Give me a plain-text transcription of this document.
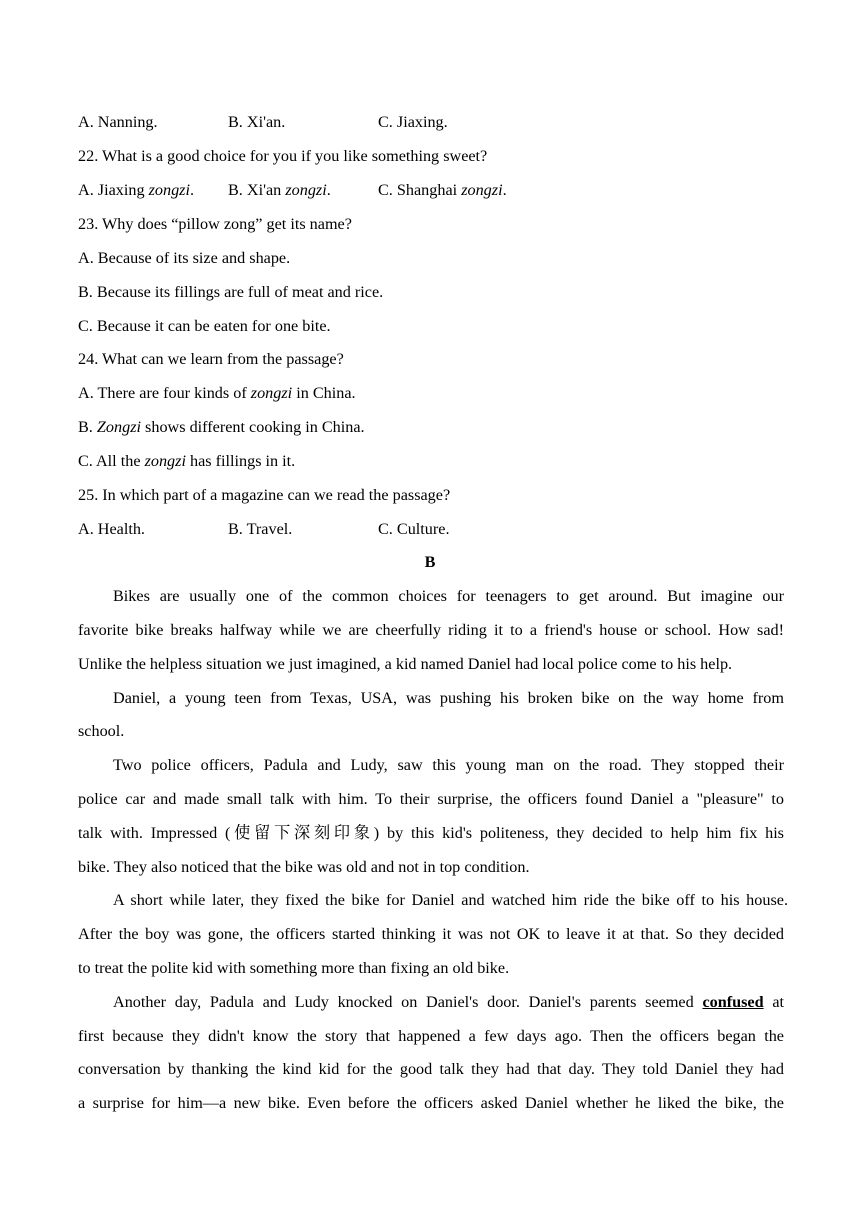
A. Nanning.	B. Xi'an.	C. Jiaxing.
22. What is a good choice for you if you like something sweet?
A. Jiaxing zongzi. B. Xi'an zongzi.	C. Shanghai zongzi.
23. Why does “pillow zong” get its name?
A. Because of its size and shape.
B. Because its fillings are full of meat and rice.
C. Because it can be eaten for one bite.
24. What can we learn from the passage?
A. There are four kinds of zongzi in China.
B. Zongzi shows different cooking in China.
C. All the zongzi has fillings in it.
25. In which part of a magazine can we read the passage?
A. Health.	B. Travel.	C. Culture.
B
Bikes are usually one of the common choices for teenagers to get around. But imagine our
favorite bike breaks halfway while we are cheerfully riding it to a friend's house or school. How sad!
Unlike the helpless situation we just imagined, a kid named Daniel had local police come to his help.
Daniel, a young teen from Texas, USA, was pushing his broken bike on the way home from
school.
Two police officers, Padula and Ludy, saw this young man on the road. They stopped their
police car and made small talk with him. To their surprise, the officers found Daniel a "pleasure" to
talk with. Impressed (使留下深刻印象) by this kid's politeness, they decided to help him fix his
bike. They also noticed that the bike was old and not in top condition.
A short while later, they fixed the bike for Daniel and watched him ride the bike off to his house.
After the boy was gone, the officers started thinking it was not OK to leave it at that. So they decided
to treat the polite kid with something more than fixing an old bike.
Another day, Padula and Ludy knocked on Daniel's door. Daniel's parents seemed confused at
first because they didn't know the story that happened a few days ago. Then the officers began the
conversation by thanking the kind kid for the good talk they had that day. They told Daniel they had
a surprise for him—a new bike. Even before the officers asked Daniel whether he liked the bike, the
